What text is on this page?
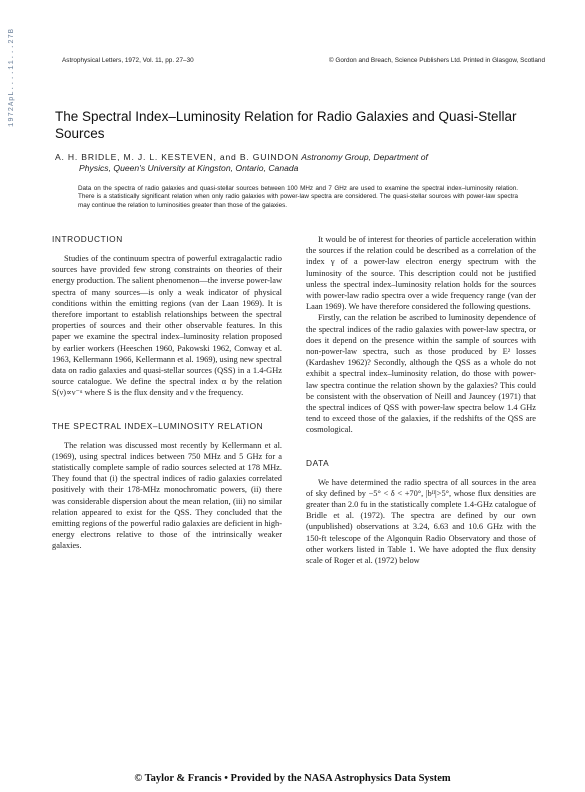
1972ApL....11...27B	Astrophysical Letters, 1972, Vol. 11, pp. 27–30	© Gordon and Breach, Science Publishers Ltd. Printed in Glasgow, Scotland
The Spectral Index–Luminosity Relation for Radio Galaxies and Quasi-Stellar Sources
A. H. BRIDLE, M. J. L. KESTEVEN, and B. GUINDON Astronomy Group, Department of
Physics, Queen's University at Kingston, Ontario, Canada

Data on the spectra of radio galaxies and quasi-stellar sources between 100 MHz and 7 GHz are used to examine the spectral index–luminosity relation. There is a statistically significant relation when only radio galaxies with power-law spectra are considered. The quasi-stellar sources with power-law spectra may continue the relation to luminosities greater than those of the galaxies.

INTRODUCTION

Studies of the continuum spectra of powerful extragalactic radio sources have provided few strong constraints on theories of their energy production. The salient phenomenon—the inverse power-law spectra of many sources—is only a weak indicator of physical conditions within the emitting regions (van der Laan 1969). It is therefore important to establish relationships between the spectral properties of sources and their other observable features. In this paper we examine the spectral index–luminosity relation proposed by earlier workers (Heeschen 1960, Pakowski 1962, Conway et al. 1963, Kellermann 1966, Kellermann et al. 1969), using new spectral data on radio galaxies and quasi-stellar sources (QSS) in a 1.4-GHz source catalogue. We define the spectral index α by the relation S(ν)∝ν⁻ᵅ where S is the flux density and ν the frequency.

THE SPECTRAL INDEX–LUMINOSITY RELATION

The relation was discussed most recently by Kellermann et al. (1969), using spectral indices between 750 MHz and 5 GHz for a statistically complete sample of radio sources selected at 178 MHz. They found that (i) the spectral indices of radio galaxies correlated positively with their 178-MHz monochromatic powers, (ii) there was considerable dispersion about the mean relation, (iii) no similar relation appeared to exist for the QSS. They concluded that the emitting regions of the powerful radio galaxies are deficient in high-energy electrons relative to those of the intrinsically weaker galaxies.

It would be of interest for theories of particle acceleration within the sources if the relation could be described as a correlation of the index γ of a power-law electron energy spectrum with the luminosity of the source. This description could not be justified unless the spectral index–luminosity relation holds for the sources with power-law radio spectra over a wide frequency range (van der Laan 1969). We have therefore considered the following questions.

Firstly, can the relation be ascribed to luminosity dependence of the spectral indices of the radio galaxies with power-law spectra, or does it depend on the presence within the sample of sources with non-power-law spectra, such as those produced by E² losses (Kardashev 1962)? Secondly, although the QSS as a whole do not exhibit a spectral index–luminosity relation, do those with power-law spectra continue the relation shown by the galaxies? This could be consistent with the observation of Neill and Jauncey (1971) that the spectral indices of QSS with power-law spectra below 1.4 GHz tend to exceed those of the galaxies, if the redshifts of the QSS are cosmological.

DATA

We have determined the radio spectra of all sources in the area of sky defined by −5° < δ < +70°, |bᴵᴵ|>5°, whose flux densities are greater than 2.0 fu in the statistically complete 1.4-GHz catalogue of Bridle et al. (1972). The spectra are defined by our own (unpublished) observations at 3.24, 6.63 and 10.6 GHz with the 150-ft telescope of the Algonquin Radio Observatory and those of other workers listed in Table 1. We have adopted the flux density scale of Roger et al. (1972) below

© Taylor & Francis • Provided by the NASA Astrophysics Data System
